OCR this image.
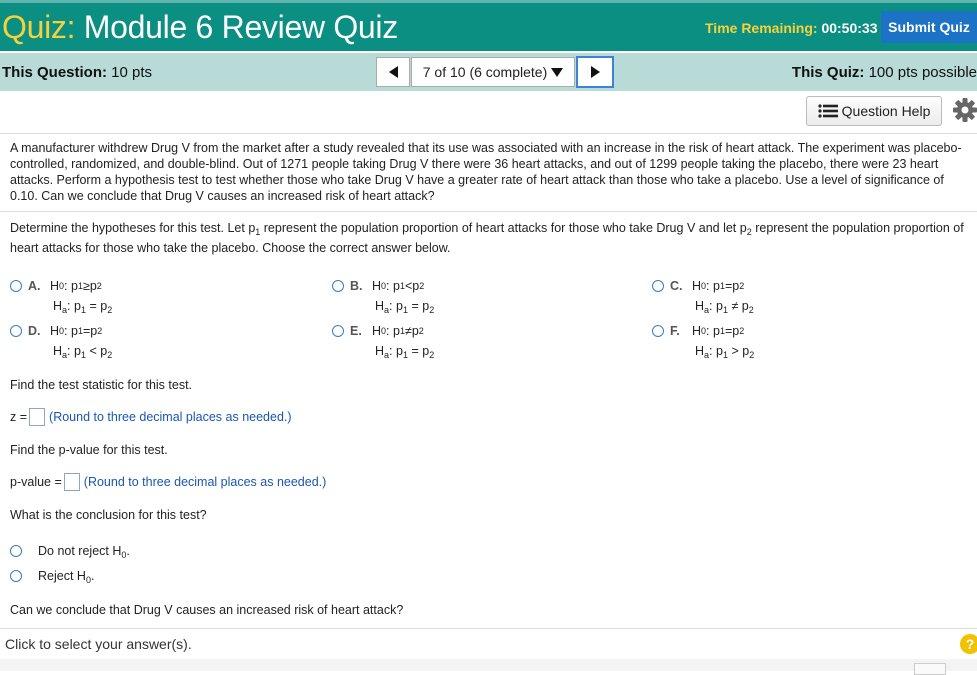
Quiz: Module 6 Review Quiz	Time Remaining: 00:50:33 Submit Quiz
This Question: 10 pts	7 of 10 (6 complete)	This Quiz: 100 pts possible
Question Help
A manufacturer withdrew Drug V from the market after a study revealed that its use was associated with an increase in the risk of heart attack. The experiment was placebo-controlled, randomized, and double-blind. Out of 1271 people taking Drug V there were 36 heart attacks, and out of 1299 people taking the placebo, there were 23 heart attacks. Perform a hypothesis test to test whether those who take Drug V have a greater rate of heart attack than those who take a placebo. Use a level of significance of 0.10. Can we conclude that Drug V causes an increased risk of heart attack?
Determine the hypotheses for this test. Let $p_1$ represent the population proportion of heart attacks for those who take Drug V and let $p_2$ represent the population proportion of heart attacks for those who take the placebo. Choose the correct answer below.
A. H 0 : p 1 ≥ p 2
$H_a$: $p_1 = p_2$
B. H 0 : p 1 < p 2
$H_a$: $p_1 = p_2$
C. H 0 : p 1 = p 2
$H_a$: $p_1 \ne p_2$
D. H 0 : p 1 = p 2
$H_a$: $p_1 < p_2$
E. H 0 : p 1 ≠ p 2
$H_a$: $p_1 = p_2$
F. H 0 : p 1 = p 2
$H_a$: $p_1 > p_2$
Find the test statistic for this test.
z = (Round to three decimal places as needed.)
Find the p-value for this test.
p-value = (Round to three decimal places as needed.)
What is the conclusion for this test?
Do not reject $H_0$.
Reject $H_0$.
Can we conclude that Drug V causes an increased risk of heart attack?
Click to select your answer(s).	?
